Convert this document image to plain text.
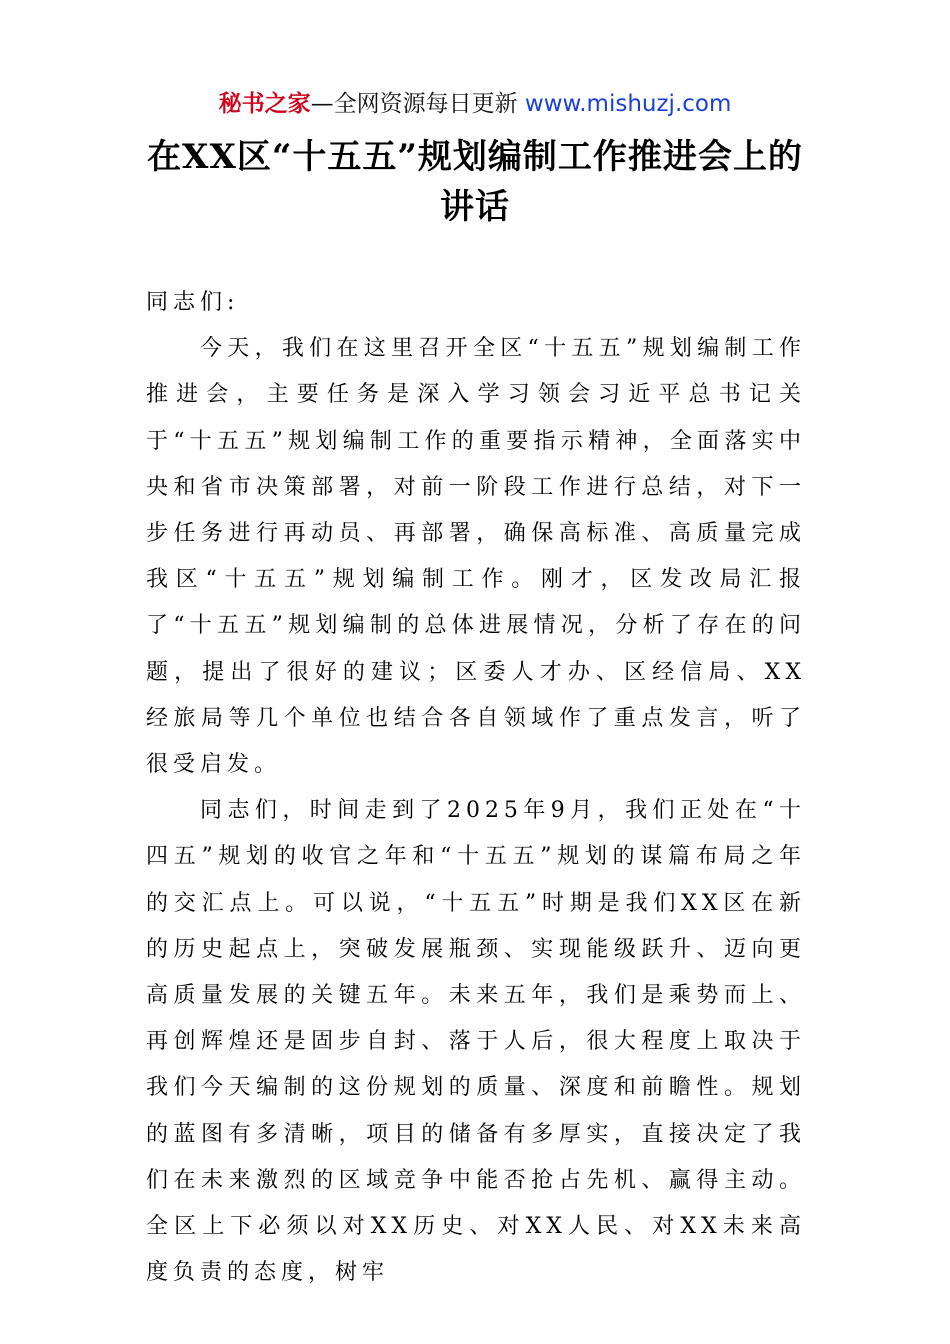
秘书之家—全网资源每日更新 www.mishuzj.com
在XX区“十五五”规划编制工作推进会上的讲话

同志们:

今天，我们在这里召开全区“十五五”规划编制工作推进会，主要任务是深入学习领会习近平总书记关于“十五五”规划编制工作的重要指示精神，全面落实中央和省市决策部署，对前一阶段工作进行总结，对下一步任务进行再动员、再部署，确保高标准、高质量完成我区“十五五”规划编制工作。刚才，区发改局汇报了“十五五”规划编制的总体进展情况，分析了存在的问题，提出了很好的建议；区委人才办、区经信局、XX经旅局等几个单位也结合各自领域作了重点发言，听了很受启发。

同志们，时间走到了2025年9月，我们正处在“十四五”规划的收官之年和“十五五”规划的谋篇布局之年的交汇点上。可以说，“十五五”时期是我们XX区在新的历史起点上，突破发展瓶颈、实现能级跃升、迈向更高质量发展的关键五年。未来五年，我们是乘势而上、再创辉煌还是固步自封、落于人后，很大程度上取决于我们今天编制的这份规划的质量、深度和前瞻性。规划的蓝图有多清晰，项目的储备有多厚实，直接决定了我们在未来激烈的区域竞争中能否抢占先机、赢得主动。全区上下必须以对XX历史、对XX人民、对XX未来高度负责的态度，树牢
